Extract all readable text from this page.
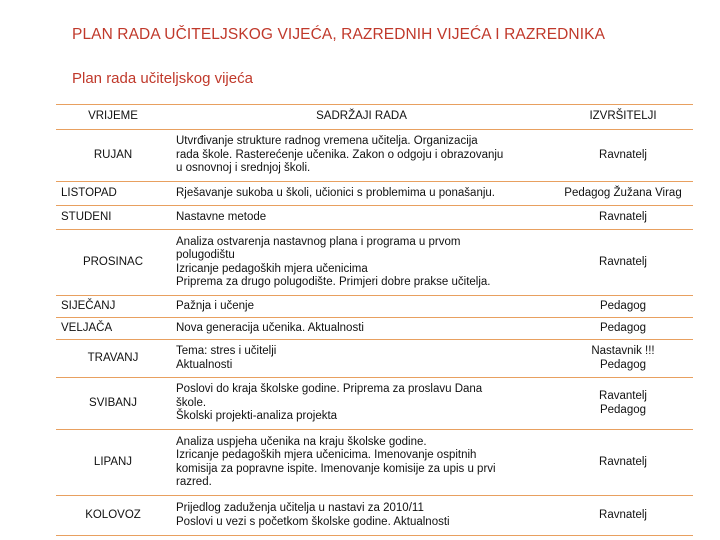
PLAN RADA UČITELJSKOG VIJEĆA, RAZREDNIH VIJEĆA I RAZREDNIKA
Plan rada učiteljskog vijeća
VRIJEME	SADRŽAJI RADA	IZVRŠITELJI
RUJAN	Utvrđivanje strukture radnog vremena učitelja. Organizacija
rada škole. Rasterećenje učenika. Zakon o odgoju i obrazovanju
u osnovnoj i srednjoj školi.	Ravnatelj

LISTOPAD	Rješavanje sukoba u školi, učionici s problemima u ponašanju.	Pedagog Žužana Virag

STUDENI	Nastavne metode	Ravnatelj

PROSINAC	Analiza ostvarenja nastavnog plana i programa u prvom
polugodištu
Izricanje pedagoških mjera učenicima
Priprema za drugo polugodište. Primjeri dobre prakse učitelja.	Ravnatelj

SIJEČANJ	Pažnja i učenje	Pedagog

VELJAČA	Nova generacija učenika. Aktualnosti	Pedagog

TRAVANJ	Tema: stres i učitelji
Aktualnosti	Nastavnik !!!
Pedagog

SVIBANJ	Poslovi do kraja školske godine. Priprema za proslavu Dana
škole.
Školski projekti-analiza projekta	Ravantelj
Pedagog

LIPANJ	Analiza uspjeha učenika na kraju školske godine.
Izricanje pedagoških mjera učenicima. Imenovanje ospitnih
komisija za popravne ispite. Imenovanje komisije za upis u prvi
razred.	Ravnatelj

KOLOVOZ	Prijedlog zaduženja učitelja u nastavi za 2010/11
Poslovi u vezi s početkom školske godine. Aktualnosti	Ravnatelj
